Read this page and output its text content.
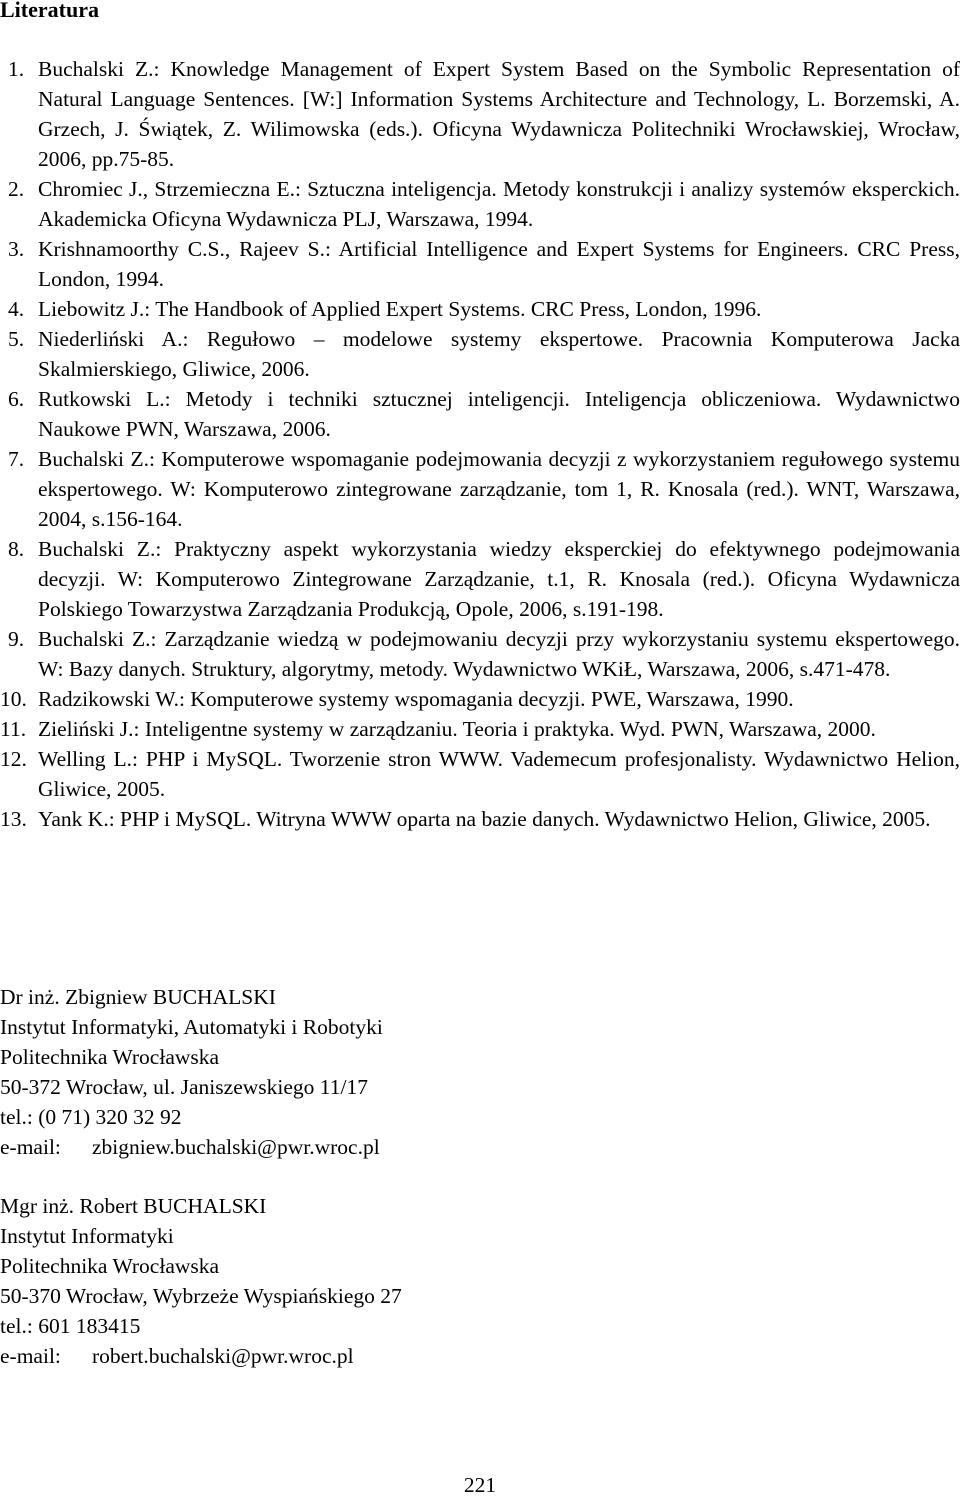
Literatura
1. Buchalski Z.: Knowledge Management of Expert System Based on the Symbolic Representation of Natural Language Sentences. [W:] Information Systems Architecture and Technology, L. Borzemski, A. Grzech, J. Świątek, Z. Wilimowska (eds.). Oficyna Wydawnicza Politechniki Wrocławskiej, Wrocław, 2006, pp.75-85.
2. Chromiec J., Strzemieczna E.: Sztuczna inteligencja. Metody konstrukcji i analizy systemów eksperckich. Akademicka Oficyna Wydawnicza PLJ, Warszawa, 1994.
3. Krishnamoorthy C.S., Rajeev S.: Artificial Intelligence and Expert Systems for Engineers. CRC Press, London, 1994.
4. Liebowitz J.: The Handbook of Applied Expert Systems. CRC Press, London, 1996.
5. Niederliński A.: Regułowo – modelowe systemy ekspertowe. Pracownia Komputerowa Jacka Skalmierskiego, Gliwice, 2006.
6. Rutkowski L.: Metody i techniki sztucznej inteligencji. Inteligencja obliczeniowa. Wydawnictwo Naukowe PWN, Warszawa, 2006.
7. Buchalski Z.: Komputerowe wspomaganie podejmowania decyzji z wykorzystaniem regułowego systemu ekspertowego. W: Komputerowo zintegrowane zarządzanie, tom 1, R. Knosala (red.). WNT, Warszawa, 2004, s.156-164.
8. Buchalski Z.: Praktyczny aspekt wykorzystania wiedzy eksperckiej do efektywnego podejmowania decyzji. W: Komputerowo Zintegrowane Zarządzanie, t.1, R. Knosala (red.). Oficyna Wydawnicza Polskiego Towarzystwa Zarządzania Produkcją, Opole, 2006, s.191-198.
9. Buchalski Z.: Zarządzanie wiedzą w podejmowaniu decyzji przy wykorzystaniu systemu ekspertowego. W: Bazy danych. Struktury, algorytmy, metody. Wydawnictwo WKiŁ, Warszawa, 2006, s.471-478.
10. Radzikowski W.: Komputerowe systemy wspomagania decyzji. PWE, Warszawa, 1990.
11. Zieliński J.: Inteligentne systemy w zarządzaniu. Teoria i praktyka. Wyd. PWN, Warszawa, 2000.
12. Welling L.: PHP i MySQL. Tworzenie stron WWW. Vademecum profesjonalisty. Wydawnictwo Helion, Gliwice, 2005.
13. Yank K.: PHP i MySQL. Witryna WWW oparta na bazie danych. Wydawnictwo Helion, Gliwice, 2005.
Dr inż. Zbigniew BUCHALSKI
Instytut Informatyki, Automatyki i Robotyki
Politechnika Wrocławska
50-372 Wrocław, ul. Janiszewskiego 11/17
tel.: (0 71) 320 32 92
e-mail: zbigniew.buchalski@pwr.wroc.pl
Mgr inż. Robert BUCHALSKI
Instytut Informatyki
Politechnika Wrocławska
50-370 Wrocław, Wybrzeże Wyspiańskiego 27
tel.: 601 183415
e-mail: robert.buchalski@pwr.wroc.pl
221
